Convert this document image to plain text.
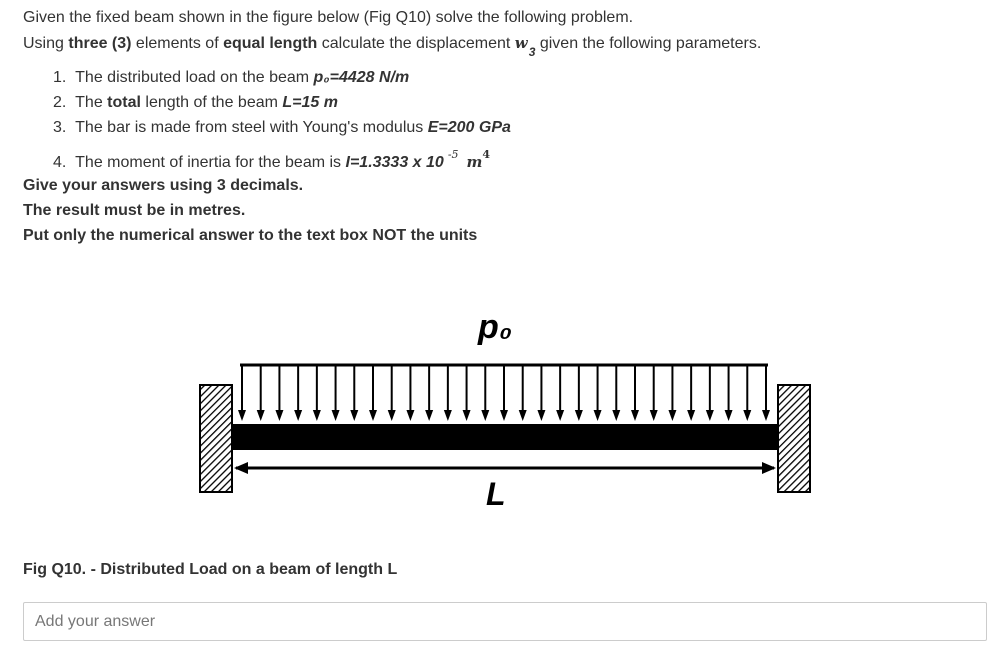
Given the fixed beam shown in the figure below (Fig Q10) solve the following problem.
Using three (3) elements of equal length calculate the displacement $w_3$ given the following parameters.
1. The distributed load on the beam p₀=4428 N/m
2. The total length of the beam L=15 m
3. The bar is made from steel with Young's modulus E=200 GPa
4. The moment of inertia for the beam is I=1.3333 x 10 $^{-5}$ $m^4$
Give your answers using 3 decimals.
The result must be in metres.
Put only the numerical answer to the text box NOT the units
p₀
L
Fig Q10. - Distributed Load on a beam of length L
Add your answer
